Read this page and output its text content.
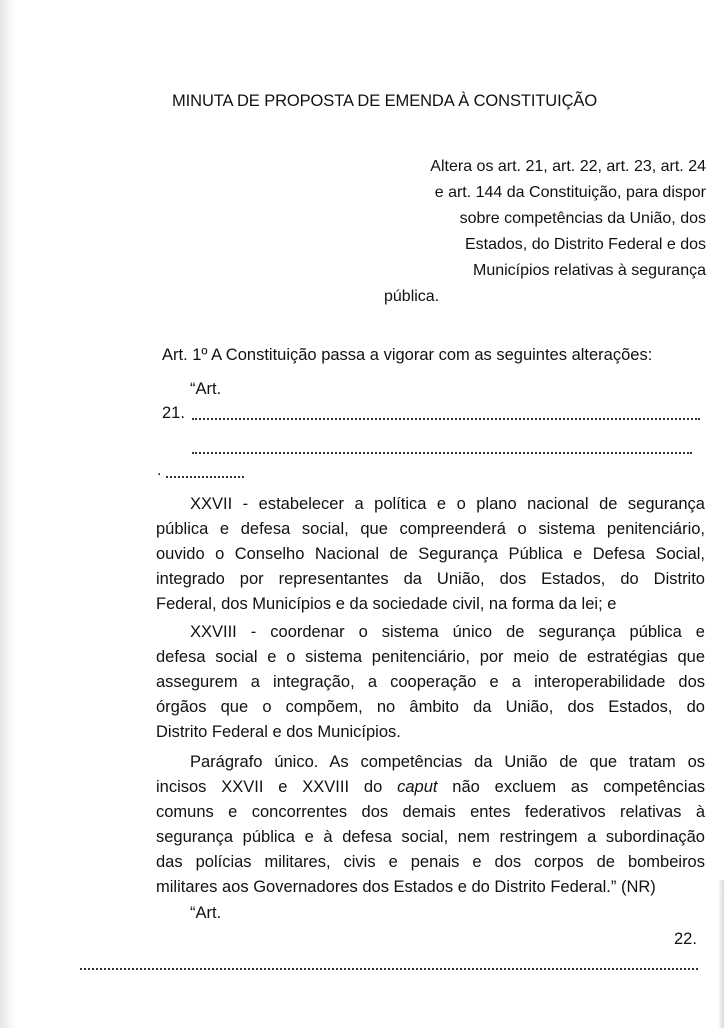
MINUTA DE PROPOSTA DE EMENDA À CONSTITUIÇÃO
Altera os art. 21, art. 22, art. 23, art. 24
e art. 144 da Constituição, para dispor
sobre competências da União, dos
Estados, do Distrito Federal e dos
Municípios relativas à segurança
pública.
Art. 1º A Constituição passa a vigorar com as seguintes alterações:
“Art.
21.
.
XXVII - estabelecer a política e o plano nacional de segurança
pública e defesa social, que compreenderá o sistema penitenciário,
ouvido o Conselho Nacional de Segurança Pública e Defesa Social,
integrado por representantes da União, dos Estados, do Distrito
Federal, dos Municípios e da sociedade civil, na forma da lei; e
XXVIII - coordenar o sistema único de segurança pública e
defesa social e o sistema penitenciário, por meio de estratégias que
assegurem a integração, a cooperação e a interoperabilidade dos
órgãos que o compõem, no âmbito da União, dos Estados, do
Distrito Federal e dos Municípios.
Parágrafo único. As competências da União de que tratam os
incisos XXVII e XXVIII do caput não excluem as competências
comuns e concorrentes dos demais entes federativos relativas à
segurança pública e à defesa social, nem restringem a subordinação
das polícias militares, civis e penais e dos corpos de bombeiros
militares aos Governadores dos Estados e do Distrito Federal.” (NR)
“Art.
22.
